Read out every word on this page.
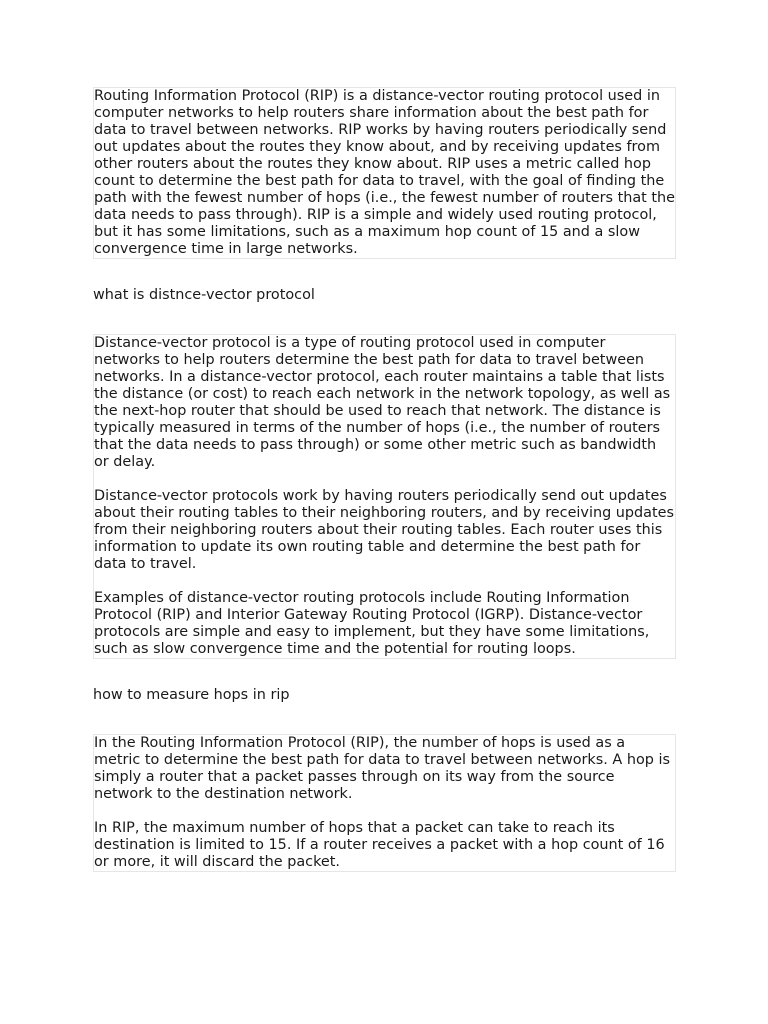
Routing Information Protocol (RIP) is a distance-vector routing protocol used in computer networks to help routers share information about the best path for data to travel between networks. RIP works by having routers periodically send out updates about the routes they know about, and by receiving updates from other routers about the routes they know about. RIP uses a metric called hop count to determine the best path for data to travel, with the goal of finding the path with the fewest number of hops (i.e., the fewest number of routers that the data needs to pass through). RIP is a simple and widely used routing protocol, but it has some limitations, such as a maximum hop count of 15 and a slow convergence time in large networks.

what is distnce-vector protocol

Distance-vector protocol is a type of routing protocol used in computer networks to help routers determine the best path for data to travel between networks. In a distance-vector protocol, each router maintains a table that lists the distance (or cost) to reach each network in the network topology, as well as the next-hop router that should be used to reach that network. The distance is typically measured in terms of the number of hops (i.e., the number of routers that the data needs to pass through) or some other metric such as bandwidth or delay.

Distance-vector protocols work by having routers periodically send out updates about their routing tables to their neighboring routers, and by receiving updates from their neighboring routers about their routing tables. Each router uses this information to update its own routing table and determine the best path for data to travel.

Examples of distance-vector routing protocols include Routing Information Protocol (RIP) and Interior Gateway Routing Protocol (IGRP). Distance-vector protocols are simple and easy to implement, but they have some limitations, such as slow convergence time and the potential for routing loops.

how to measure hops in rip

In the Routing Information Protocol (RIP), the number of hops is used as a metric to determine the best path for data to travel between networks. A hop is simply a router that a packet passes through on its way from the source network to the destination network.

In RIP, the maximum number of hops that a packet can take to reach its destination is limited to 15. If a router receives a packet with a hop count of 16 or more, it will discard the packet.
